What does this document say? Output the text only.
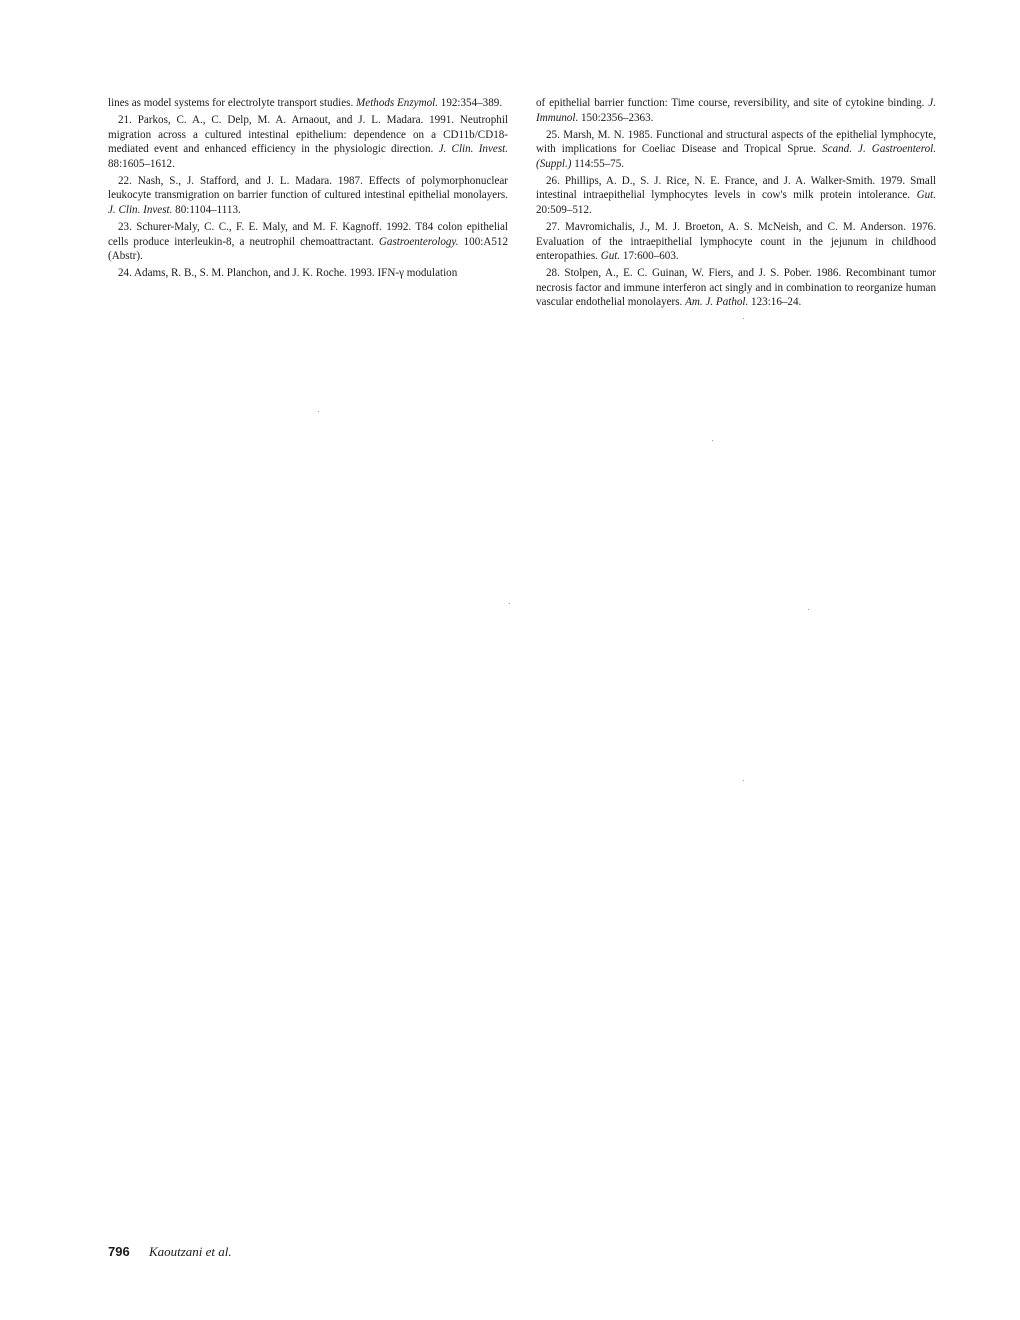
lines as model systems for electrolyte transport studies. Methods Enzymol. 192:354–389.

21. Parkos, C. A., C. Delp, M. A. Arnaout, and J. L. Madara. 1991. Neutrophil migration across a cultured intestinal epithelium: dependence on a CD11b/CD18-mediated event and enhanced efficiency in the physiologic direction. J. Clin. Invest. 88:1605–1612.

22. Nash, S., J. Stafford, and J. L. Madara. 1987. Effects of polymorphonuclear leukocyte transmigration on barrier function of cultured intestinal epithelial monolayers. J. Clin. Invest. 80:1104–1113.

23. Schurer-Maly, C. C., F. E. Maly, and M. F. Kagnoff. 1992. T84 colon epithelial cells produce interleukin-8, a neutrophil chemoattractant. Gastroenterology. 100:A512 (Abstr).

24. Adams, R. B., S. M. Planchon, and J. K. Roche. 1993. IFN-γ modulation

of epithelial barrier function: Time course, reversibility, and site of cytokine binding. J. Immunol. 150:2356–2363.

25. Marsh, M. N. 1985. Functional and structural aspects of the epithelial lymphocyte, with implications for Coeliac Disease and Tropical Sprue. Scand. J. Gastroenterol. (Suppl.) 114:55–75.

26. Phillips, A. D., S. J. Rice, N. E. France, and J. A. Walker-Smith. 1979. Small intestinal intraepithelial lymphocytes levels in cow's milk protein intolerance. Gut. 20:509–512.

27. Mavromichalis, J., M. J. Broeton, A. S. McNeish, and C. M. Anderson. 1976. Evaluation of the intraepithelial lymphocyte count in the jejunum in childhood enteropathies. Gut. 17:600–603.

28. Stolpen, A., E. C. Guinan, W. Fiers, and J. S. Pober. 1986. Recombinant tumor necrosis factor and immune interferon act singly and in combination to reorganize human vascular endothelial monolayers. Am. J. Pathol. 123:16–24.

796 Kaoutzani et al.
